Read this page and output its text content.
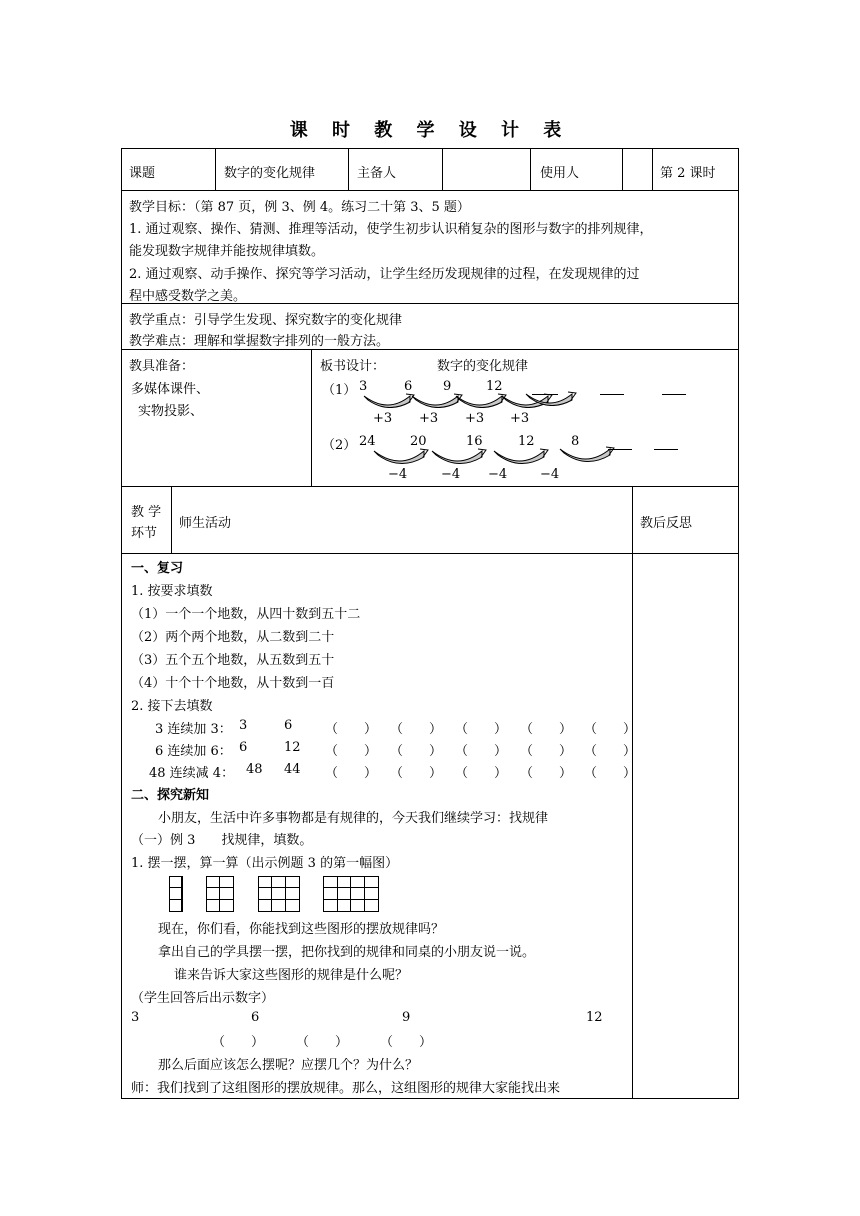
课 时 教 学 设 计 表
课题	数字的变化规律	主备人	使用人	第 2 课时
教学目标：（第 87 页，例 3、例 4。练习二十第 3、5 题）
1. 通过观察、操作、猜测、推理等活动，使学生初步认识稍复杂的图形与数字的排列规律，
能发现数字规律并能按规律填数。
2. 通过观察、动手操作、探究等学习活动，让学生经历发现规律的过程，在发现规律的过
程中感受数学之美。
教学重点：引导学生发现、探究数字的变化规律
教学难点：理解和掌握数字排列的一般方法。
教具准备：
多媒体课件、
实物投影、
板书设计：	数字的变化规律
（1） 3	6 9	12
+3 +3 +3 +3
（2） 24	20	16	12	8
−4	−4 −4	−4
教 学
环节
师生活动	教后反思
一、复习
1. 按要求填数
（1）一个一个地数，从四十数到五十二
（2）两个两个地数，从二数到二十
（3）五个五个地数，从五数到五十
（4）十个十个地数，从十数到一百
2. 接下去填数
3 连续加 3： 3	6	（　　） （　　） （　　） （　　） （　　）
6 连续加 6： 6	12 （　　） （　　） （　　） （　　） （　　）
48 连续减 4： 48 44 （　　） （　　） （　　） （　　） （　　）
二、探究新知
小朋友，生活中许多事物都是有规律的，今天我们继续学习：找规律
（一）例 3　　找规律，填数。
1. 摆一摆，算一算（出示例题 3 的第一幅图）
现在，你们看，你能找到这些图形的摆放规律吗？
拿出自己的学具摆一摆，把你找到的规律和同桌的小朋友说一说。
谁来告诉大家这些图形的规律是什么呢？
（学生回答后出示数字）
3	6	9	12
（　　） （　　） （　　）
那么后面应该怎么摆呢？应摆几个？为什么？
师：我们找到了这组图形的摆放规律。那么，这组图形的规律大家能找出来
